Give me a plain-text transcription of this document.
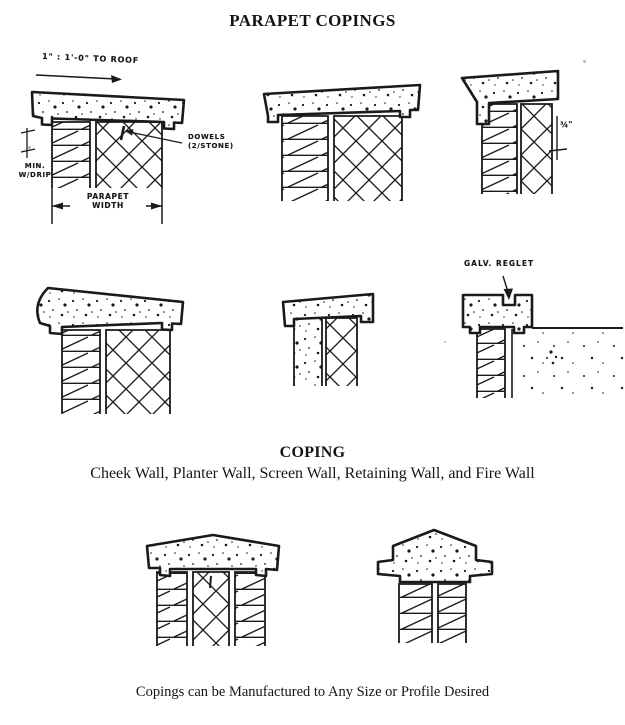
PARAPET COPINGS
1" : 1'-0" TO ROOF
DOWELS
(2/STONE)
MIN.
W/DRIP
PARAPET
WIDTH
¾"
GALV. REGLET
COPING
Cheek Wall, Planter Wall, Screen Wall, Retaining Wall, and Fire Wall
Copings can be Manufactured to Any Size or Profile Desired
